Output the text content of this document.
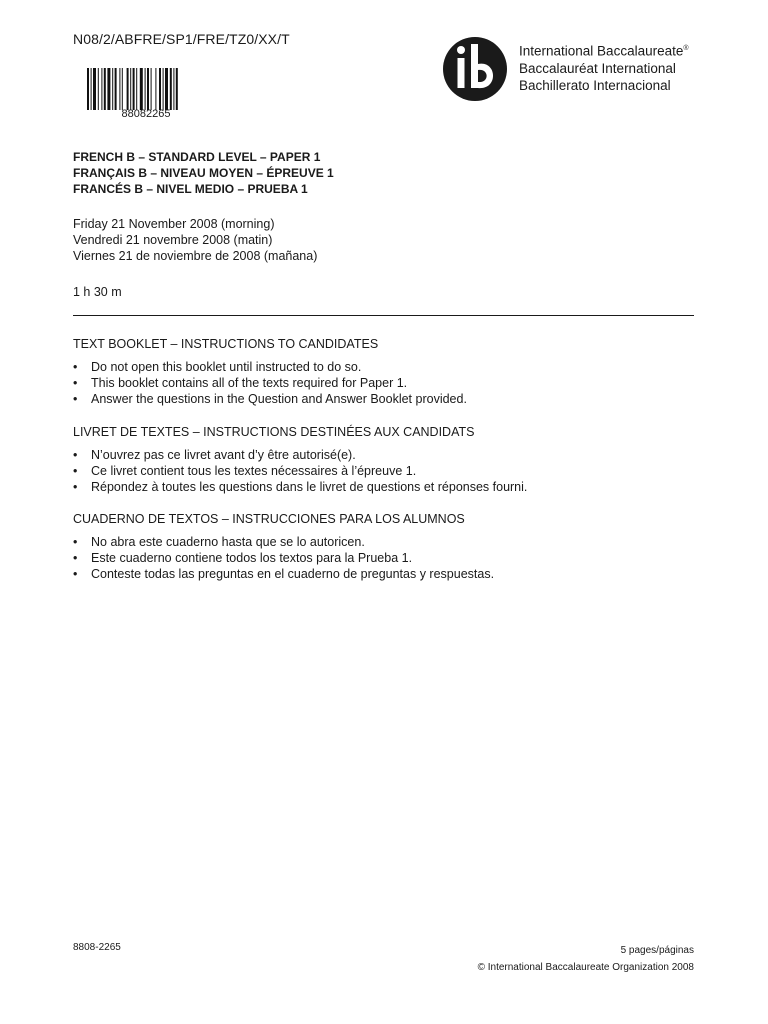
N08/2/ABFRE/SP1/FRE/TZ0/XX/T
88082265
International Baccalaureate®
Baccalauréat International
Bachillerato Internacional
FRENCH B – STANDARD LEVEL – PAPER 1
FRANÇAIS B – NIVEAU MOYEN – ÉPREUVE 1
FRANCÉS B – NIVEL MEDIO – PRUEBA 1
Friday 21 November 2008 (morning)
Vendredi 21 novembre 2008 (matin)
Viernes 21 de noviembre de 2008 (mañana)
1 h 30 m
TEXT BOOKLET – INSTRUCTIONS TO CANDIDATES
• Do not open this booklet until instructed to do so.
• This booklet contains all of the texts required for Paper 1.
• Answer the questions in the Question and Answer Booklet provided.
LIVRET DE TEXTES – INSTRUCTIONS DESTINÉES AUX CANDIDATS
• N’ouvrez pas ce livret avant d’y être autorisé(e).
• Ce livret contient tous les textes nécessaires à l’épreuve 1.
• Répondez à toutes les questions dans le livret de questions et réponses fourni.
CUADERNO DE TEXTOS – INSTRUCCIONES PARA LOS ALUMNOS
• No abra este cuaderno hasta que se lo autoricen.
• Este cuaderno contiene todos los textos para la Prueba 1.
• Conteste todas las preguntas en el cuaderno de preguntas y respuestas.
8808-2265	5 pages/páginas
© International Baccalaureate Organization 2008
